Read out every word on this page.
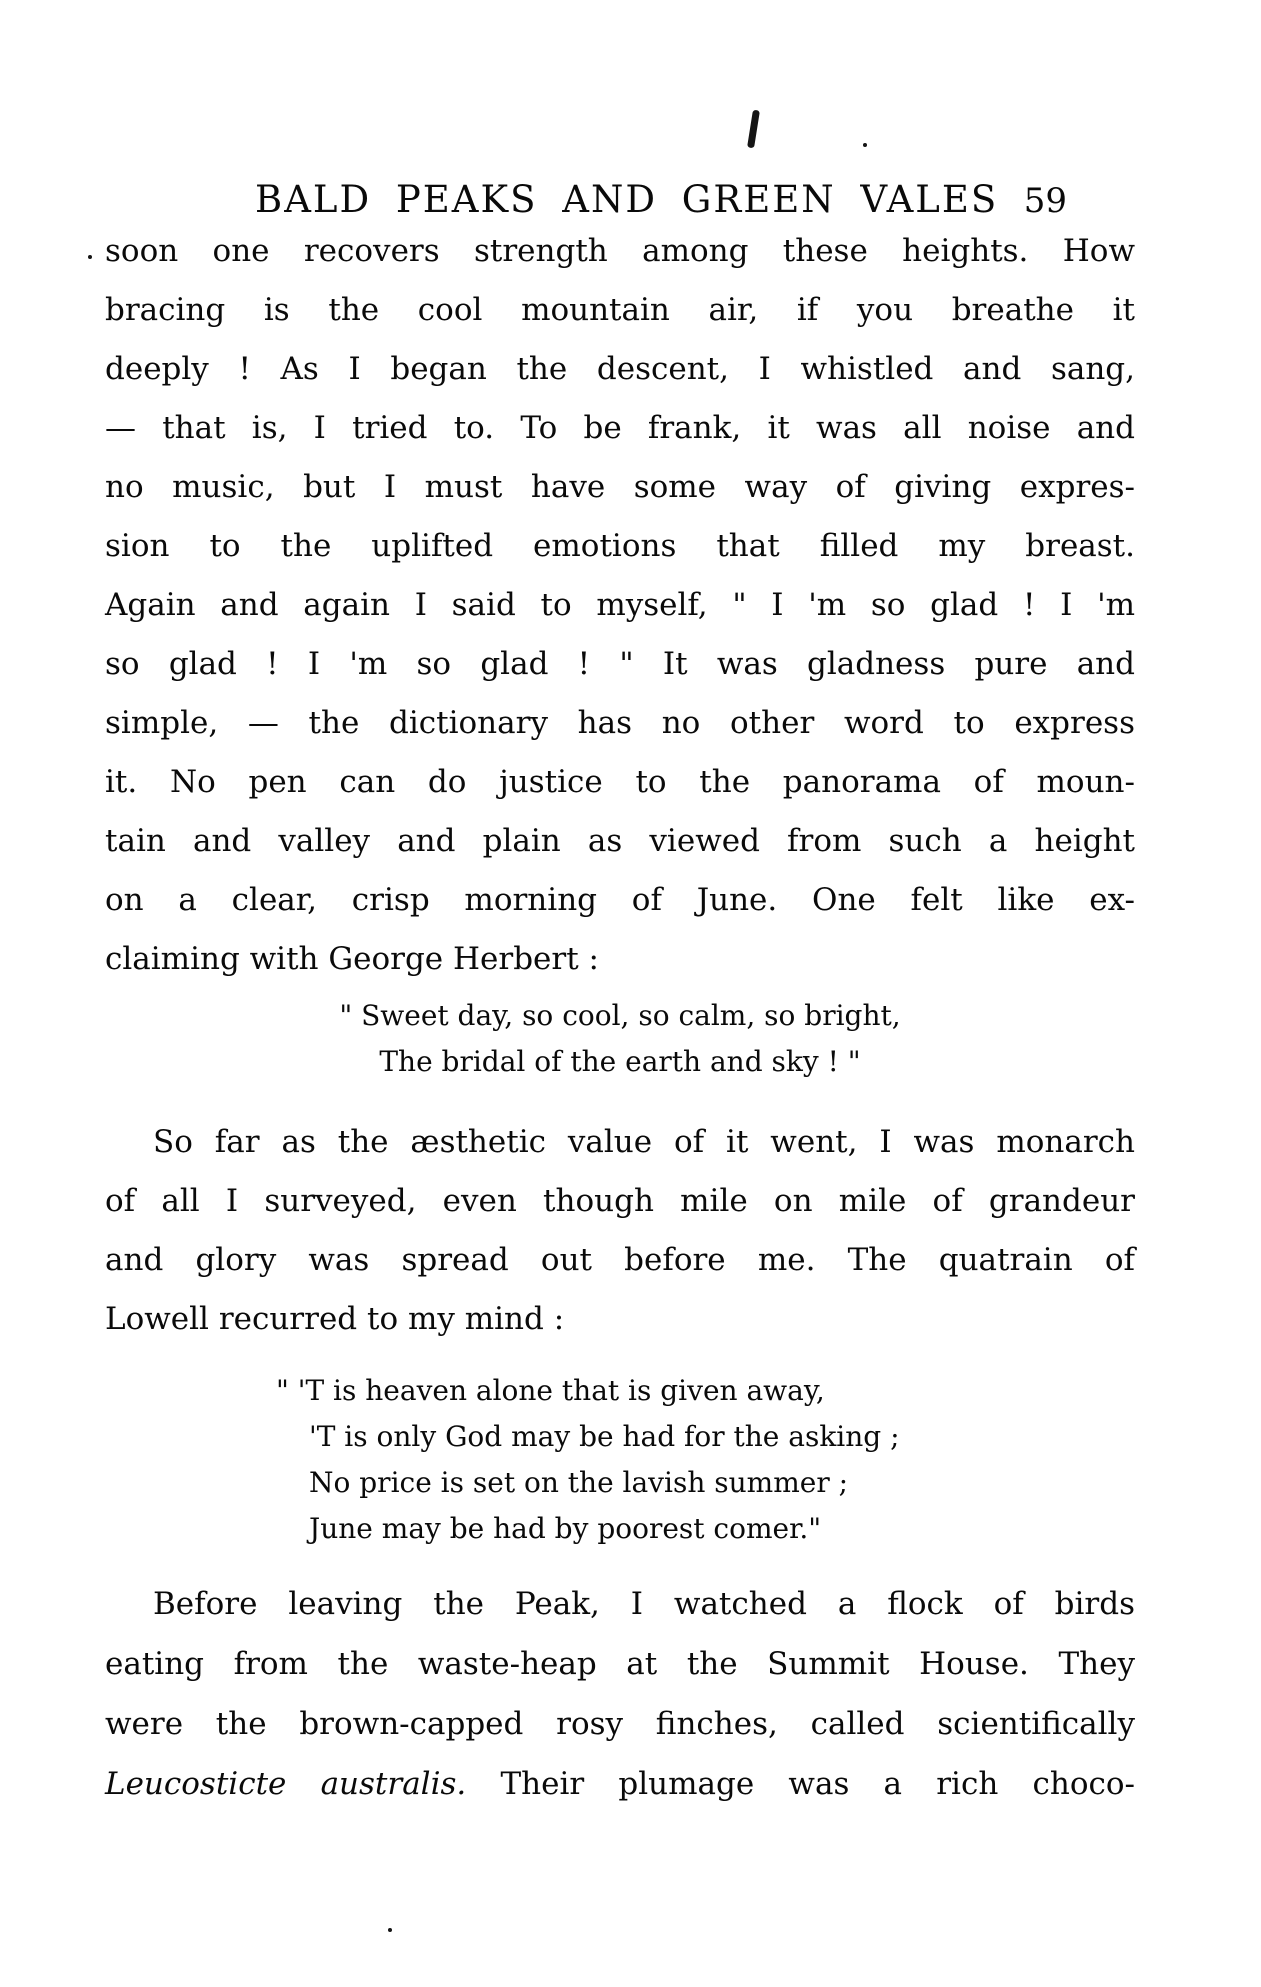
BALD PEAKS AND GREEN VALES 59
soon one recovers strength among these heights. How
bracing is the cool mountain air, if you breathe it
deeply ! As I began the descent, I whistled and sang,
— that is, I tried to. To be frank, it was all noise and
no music, but I must have some way of giving expres-
sion to the uplifted emotions that filled my breast.
Again and again I said to myself, " I 'm so glad ! I 'm
so glad ! I 'm so glad ! " It was gladness pure and
simple, — the dictionary has no other word to express
it. No pen can do justice to the panorama of moun-
tain and valley and plain as viewed from such a height
on a clear, crisp morning of June. One felt like ex-
claiming with George Herbert :
" Sweet day, so cool, so calm, so bright,
The bridal of the earth and sky ! "
So far as the æsthetic value of it went, I was monarch
of all I surveyed, even though mile on mile of grandeur
and glory was spread out before me. The quatrain of
Lowell recurred to my mind :
" 'T is heaven alone that is given away,
'T is only God may be had for the asking ;
No price is set on the lavish summer ;
June may be had by poorest comer."
Before leaving the Peak, I watched a flock of birds
eating from the waste-heap at the Summit House. They
were the brown-capped rosy finches, called scientifically
Leucosticte australis. Their plumage was a rich choco-
